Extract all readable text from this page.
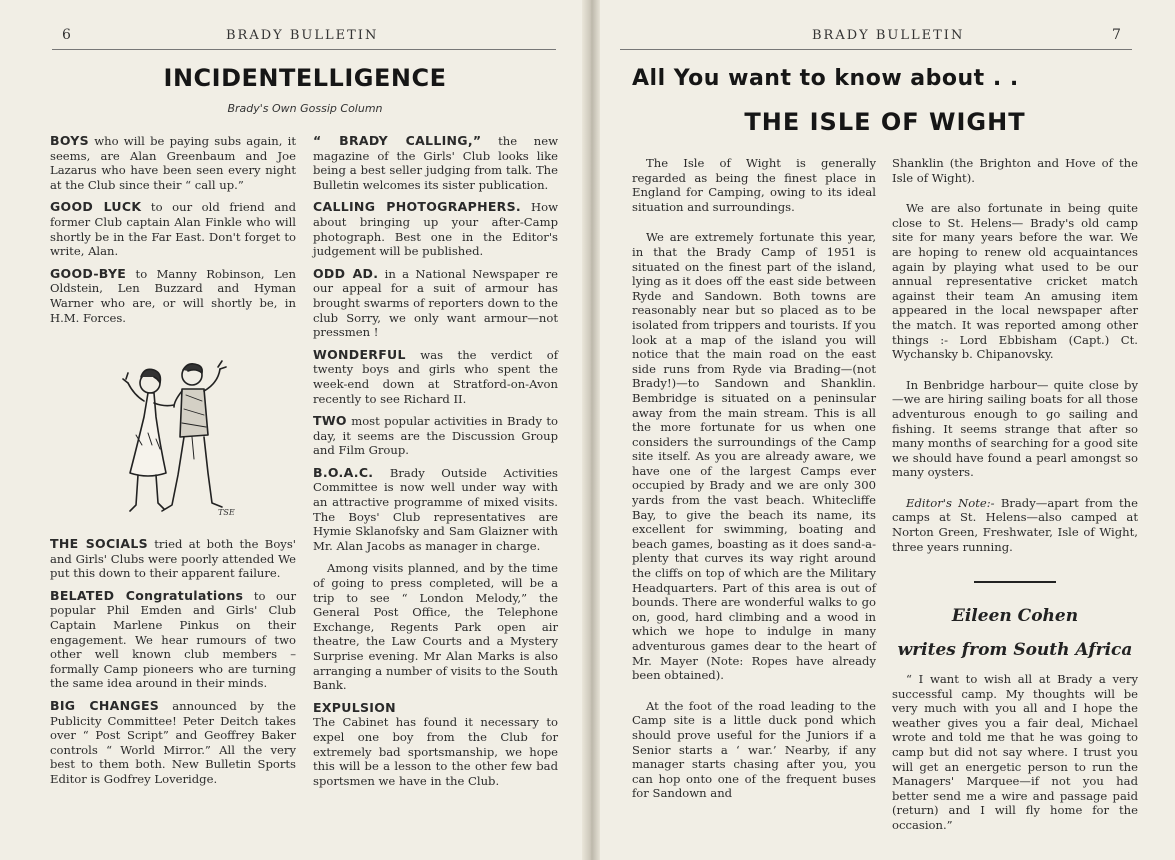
6	BRADY BULLETIN
INCIDENTELLIGENCE
Brady's Own Gossip Column

BOYS who will be paying subs again, it seems, are Alan Greenbaum and Joe Lazarus who have been seen every night at the Club since their “ call up.”

GOOD LUCK to our old friend and former Club captain Alan Finkle who will shortly be in the Far East. Don't forget to write, Alan.

GOOD-BYE to Manny Robinson, Len Oldstein, Len Buzzard and Hyman Warner who are, or will shortly be, in H.M. Forces.

TSE

THE SOCIALS tried at both the Boys' and Girls' Clubs were poorly attended We put this down to their apparent failure.

BELATED Congratulations to our popular Phil Emden and Girls' Club Captain Marlene Pinkus on their engagement. We hear rumours of two other well known club members – formally Camp pioneers who are turning the same idea around in their minds.

BIG CHANGES announced by the Publicity Committee! Peter Deitch takes over “ Post Script” and Geoffrey Baker controls “ World Mirror.” All the very best to them both. New Bulletin Sports Editor is Godfrey Loveridge.

“ BRADY CALLING,” the new magazine of the Girls' Club looks like being a best seller judging from talk. The Bulletin welcomes its sister publication.

CALLING PHOTOGRAPHERS. How about bringing up your after-Camp photograph. Best one in the Editor's judgement will be published.

ODD AD. in a National Newspaper re our appeal for a suit of armour has brought swarms of reporters down to the club Sorry, we only want armour—not pressmen !

WONDERFUL was the verdict of twenty boys and girls who spent the week-end down at Stratford-on-Avon recently to see Richard II.

TWO most popular activities in Brady to day, it seems are the Discussion Group and Film Group.

B.O.A.C. Brady Outside Activities Committee is now well under way with an attractive programme of mixed visits. The Boys' Club representatives are Hymie Sklanofsky and Sam Glaizner with Mr. Alan Jacobs as manager in charge.

Among visits planned, and by the time of going to press completed, will be a trip to see “ London Melody,” the General Post Office, the Telephone Exchange, Regents Park open air theatre, the Law Courts and a Mystery Surprise evening. Mr Alan Marks is also arranging a number of visits to the South Bank.

EXPULSION
The Cabinet has found it necessary to expel one boy from the Club for extremely bad sportsmanship, we hope this will be a lesson to the other few bad sportsmen we have in the Club.

BRADY BULLETIN	7
All You want to know about . .
THE ISLE OF WIGHT

The Isle of Wight is generally regarded as being the finest place in England for Camping, owing to its ideal situation and surroundings.

We are extremely fortunate this year, in that the Brady Camp of 1951 is situated on the finest part of the island, lying as it does off the east side between Ryde and Sandown. Both towns are reasonably near but so placed as to be isolated from trippers and tourists. If you look at a map of the island you will notice that the main road on the east side runs from Ryde via Brading—(not Brady!)—to Sandown and Shanklin. Bembridge is situated on a peninsular away from the main stream. This is all the more fortunate for us when one considers the surroundings of the Camp site itself. As you are already aware, we have one of the largest Camps ever occupied by Brady and we are only 300 yards from the vast beach. Whitecliffe Bay, to give the beach its name, its excellent for swimming, boating and beach games, boasting as it does sand-a-plenty that curves its way right around the cliffs on top of which are the Military Headquarters. Part of this area is out of bounds. There are wonderful walks to go on, good, hard climbing and a wood in which we hope to indulge in many adventurous games dear to the heart of Mr. Mayer (Note: Ropes have already been obtained).

At the foot of the road leading to the Camp site is a little duck pond which should prove useful for the Juniors if a Senior starts a ‘ war.’ Nearby, if any manager starts chasing after you, you can hop onto one of the frequent buses for Sandown and

Shanklin (the Brighton and Hove of the Isle of Wight).

We are also fortunate in being quite close to St. Helens— Brady's old camp site for many years before the war. We are hoping to renew old acquaintances again by playing what used to be our annual representative cricket match against their team An amusing item appeared in the local newspaper after the match. It was reported among other things :- Lord Ebbisham (Capt.) Ct. Wychansky b. Chipanovsky.

In Benbridge harbour— quite close by—we are hiring sailing boats for all those adventurous enough to go sailing and fishing. It seems strange that after so many months of searching for a good site we should have found a pearl amongst so many oysters.

Editor's Note:- Brady—apart from the camps at St. Helens—also camped at Norton Green, Freshwater, Isle of Wight, three years running.

Eileen Cohen
writes from South Africa

“ I want to wish all at Brady a very successful camp. My thoughts will be very much with you all and I hope the weather gives you a fair deal, Michael wrote and told me that he was going to camp but did not say where. I trust you will get an energetic person to run the Managers' Marquee—if not you had better send me a wire and passage paid (return) and I will fly home for the occasion.”
